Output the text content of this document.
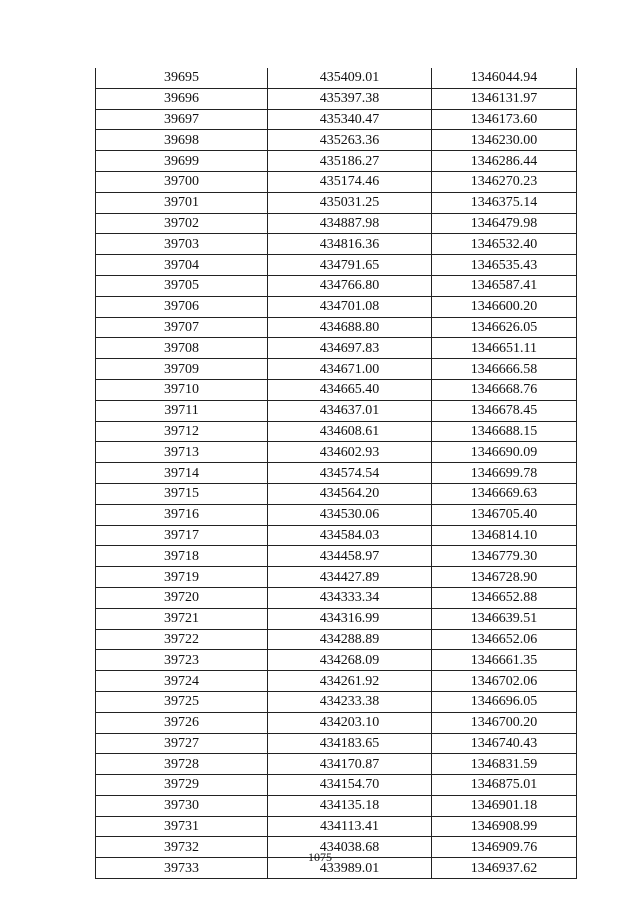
39695	435409.01	1346044.94
39696	435397.38	1346131.97
39697	435340.47	1346173.60
39698	435263.36	1346230.00
39699	435186.27	1346286.44
39700	435174.46	1346270.23
39701	435031.25	1346375.14
39702	434887.98	1346479.98
39703	434816.36	1346532.40
39704	434791.65	1346535.43
39705	434766.80	1346587.41
39706	434701.08	1346600.20
39707	434688.80	1346626.05
39708	434697.83	1346651.11
39709	434671.00	1346666.58
39710	434665.40	1346668.76
39711	434637.01	1346678.45
39712	434608.61	1346688.15
39713	434602.93	1346690.09
39714	434574.54	1346699.78
39715	434564.20	1346669.63
39716	434530.06	1346705.40
39717	434584.03	1346814.10
39718	434458.97	1346779.30
39719	434427.89	1346728.90
39720	434333.34	1346652.88
39721	434316.99	1346639.51
39722	434288.89	1346652.06
39723	434268.09	1346661.35
39724	434261.92	1346702.06
39725	434233.38	1346696.05
39726	434203.10	1346700.20
39727	434183.65	1346740.43
39728	434170.87	1346831.59
39729	434154.70	1346875.01
39730	434135.18	1346901.18
39731	434113.41	1346908.99
39732	434038.68	1346909.76
39733	433989.01	1346937.62
1075
